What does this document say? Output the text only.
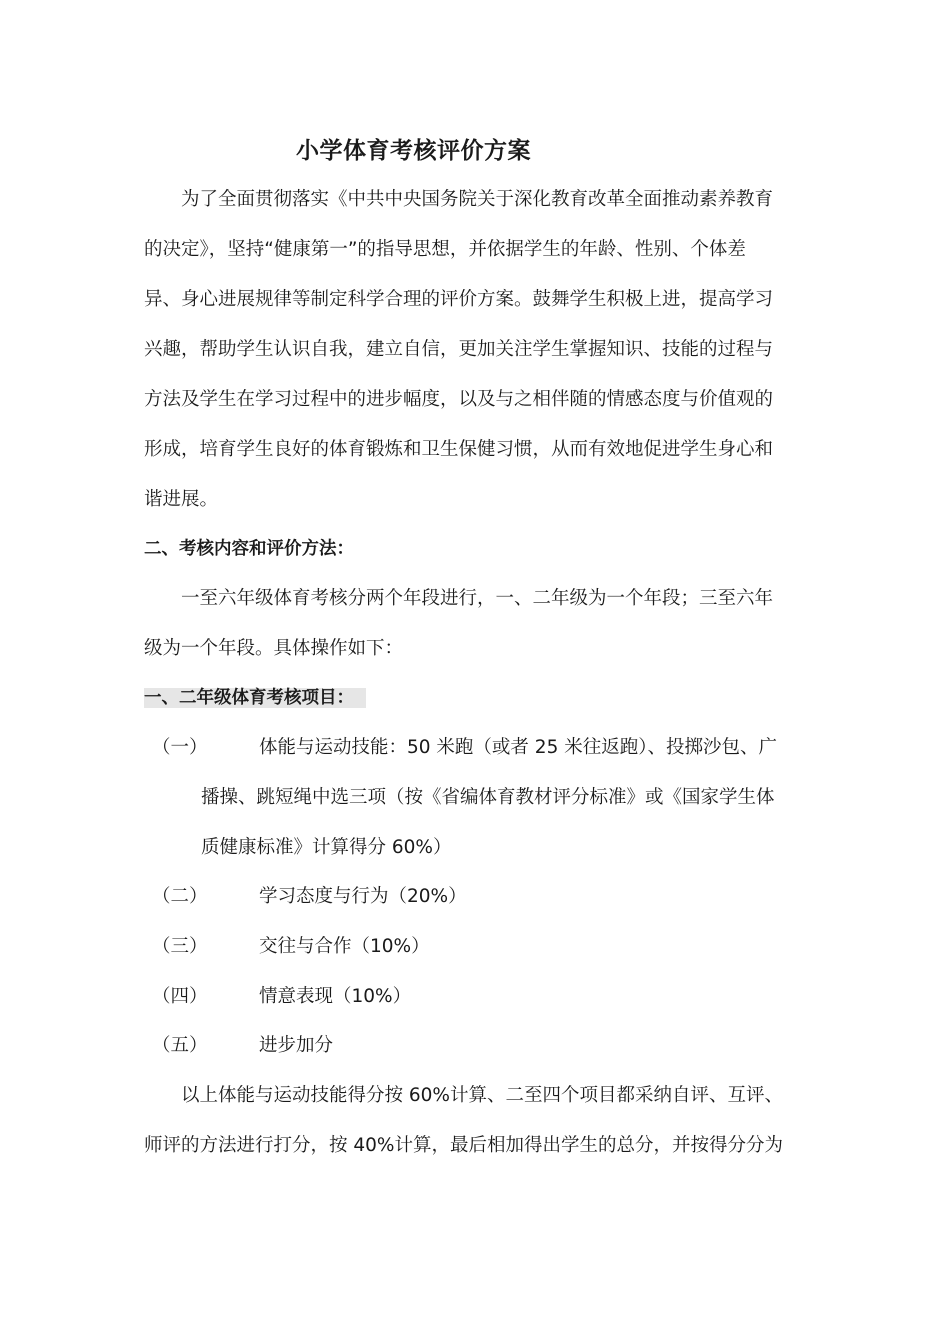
小学体育考核评价方案
为了全面贯彻落实《中共中央国务院关于深化教育改革全面推动素养教育
的决定》，坚持“健康第一”的指导思想，并依据学生的年龄、性别、个体差
异、身心进展规律等制定科学合理的评价方案。鼓舞学生积极上进，提高学习
兴趣，帮助学生认识自我，建立自信，更加关注学生掌握知识、技能的过程与
方法及学生在学习过程中的进步幅度，以及与之相伴随的情感态度与价值观的
形成，培育学生良好的体育锻炼和卫生保健习惯，从而有效地促进学生身心和
谐进展。
二、考核内容和评价方法：
一至六年级体育考核分两个年段进行，一、二年级为一个年段；三至六年
级为一个年段。具体操作如下：
一、二年级体育考核项目：
（一）	体能与运动技能：50 米跑（或者 25 米往返跑）、投掷沙包、广
播操、跳短绳中选三项（按《省编体育教材评分标准》或《国家学生体
质健康标准》计算得分 60%）
（二）	学习态度与行为（20%）
（三）	交往与合作（10%）
（四）	情意表现（10%）
（五）	进步加分
以上体能与运动技能得分按 60%计算、二至四个项目都采纳自评、互评、
师评的方法进行打分，按 40%计算，最后相加得出学生的总分，并按得分分为
